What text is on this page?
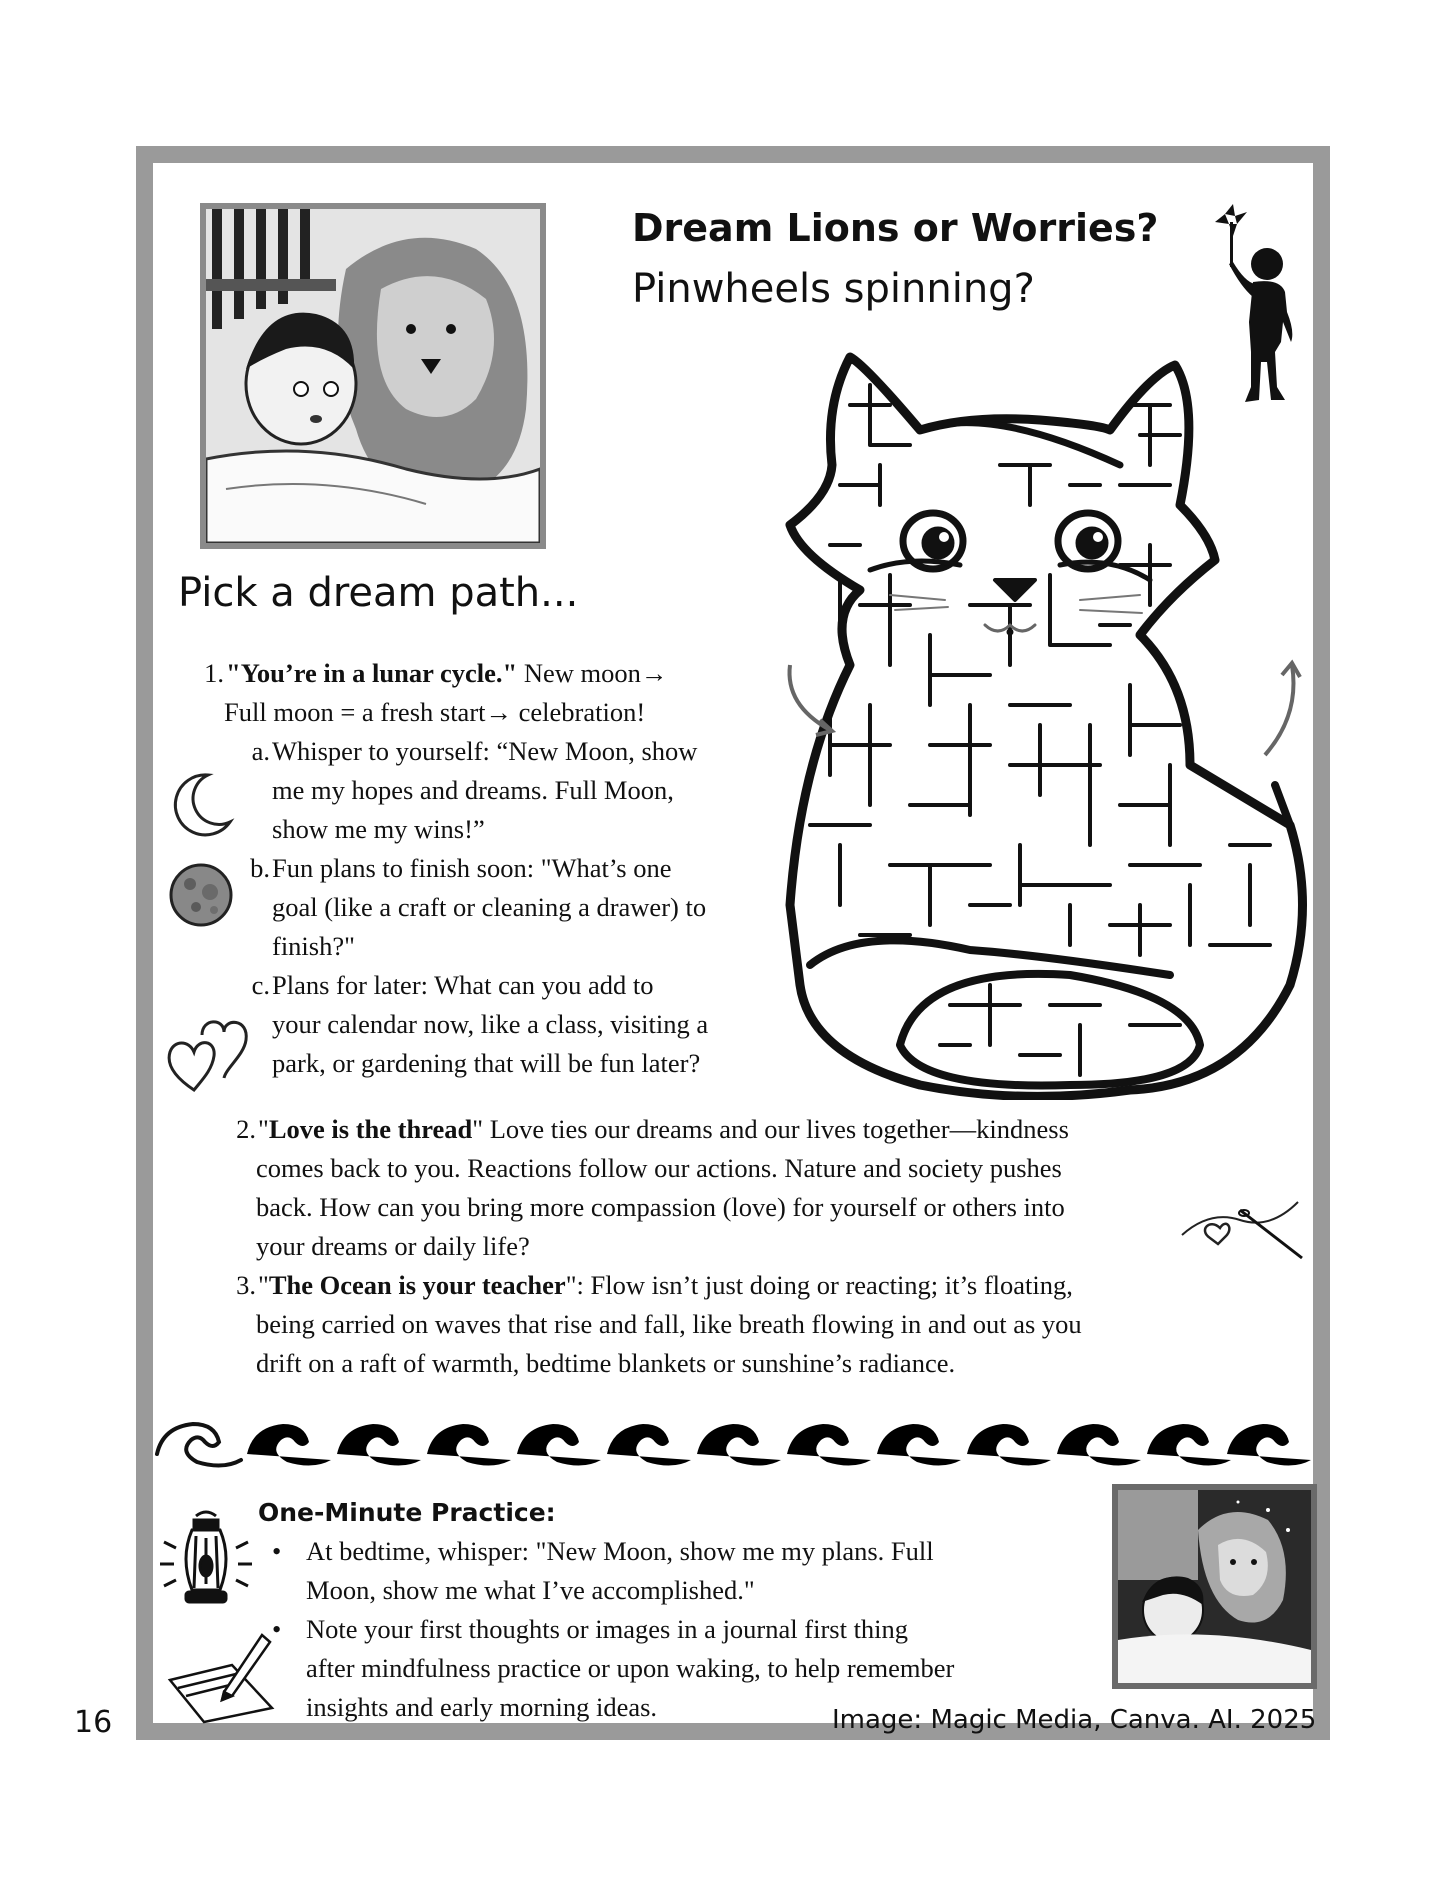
Dream Lions or Worries?
Pinwheels spinning?
Pick a dream path...
1. "You’re in a lunar cycle." New moon→
Full moon = a fresh start→ celebration!
a. Whisper to yourself: “New Moon, show
me my hopes and dreams. Full Moon,
show me my wins!”
b. Fun plans to finish soon: "What’s one
goal (like a craft or cleaning a drawer) to
finish?"
c. Plans for later: What can you add to
your calendar now, like a class, visiting a
park, or gardening that will be fun later?
2. "Love is the thread" Love ties our dreams and our lives together—kindness
comes back to you. Reactions follow our actions. Nature and society pushes
back. How can you bring more compassion (love) for yourself or others into
your dreams or daily life?
3. "The Ocean is your teacher": Flow isn’t just doing or reacting; it’s floating,
being carried on waves that rise and fall, like breath flowing in and out as you
drift on a raft of warmth, bedtime blankets or sunshine’s radiance.
One-Minute Practice:
• At bedtime, whisper: "New Moon, show me my plans. Full
Moon, show me what I’ve accomplished."
• Note your first thoughts or images in a journal first thing
after mindfulness practice or upon waking, to help remember
insights and early morning ideas.	Image: Magic Media, Canva. AI. 2025
16
